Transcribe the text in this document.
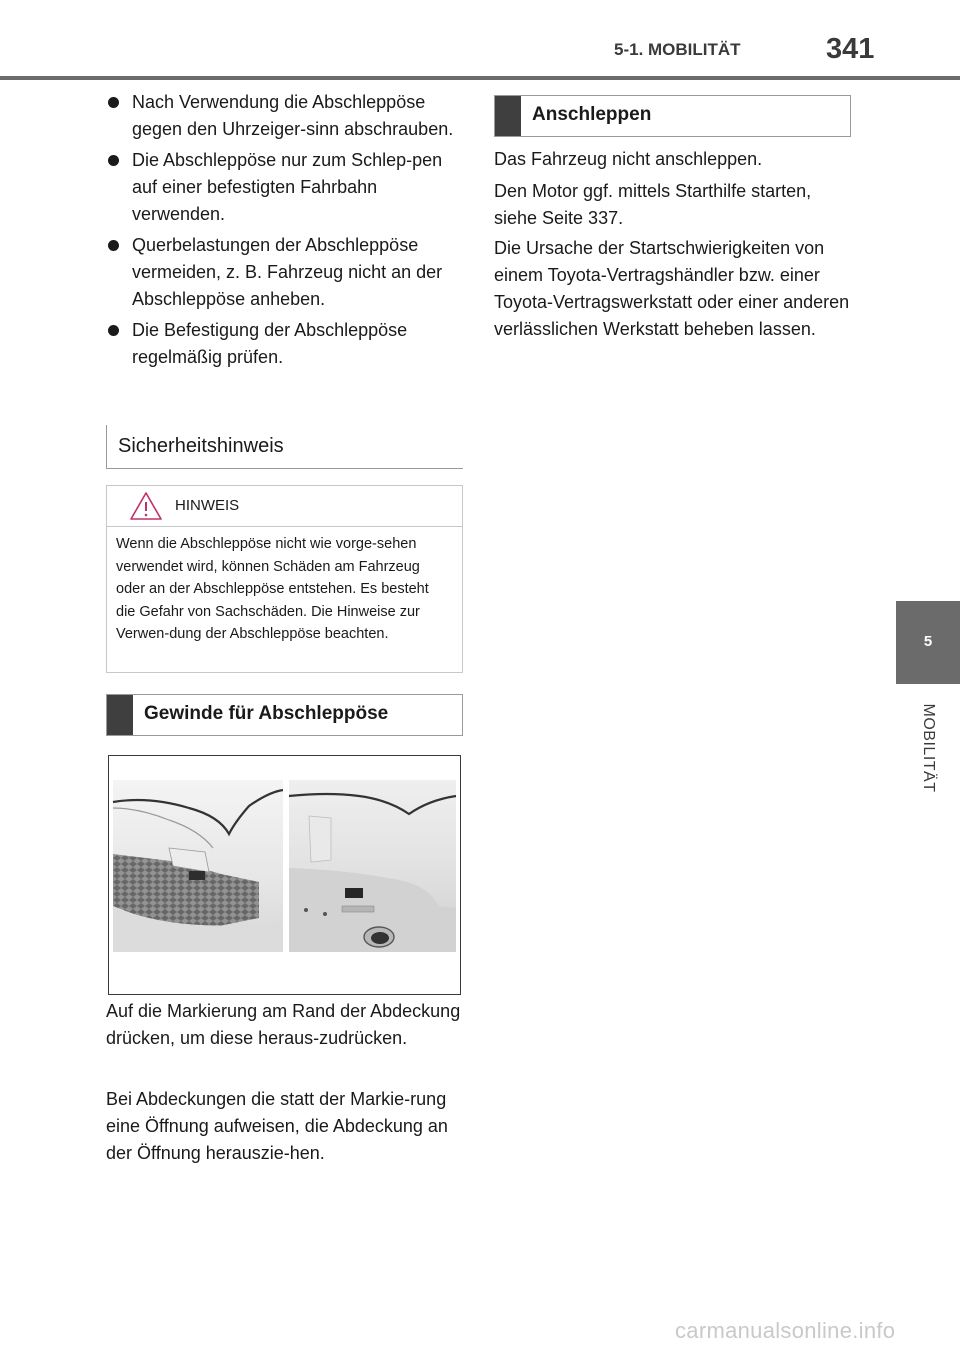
5-1. MOBILITÄT	341
5
MOBILITÄT
Nach Verwendung die Abschleppöse gegen den Uhrzeiger-sinn abschrauben.
Die Abschleppöse nur zum Schlep-pen auf einer befestigten Fahrbahn verwenden.
Querbelastungen der Abschleppöse vermeiden, z. B. Fahrzeug nicht an der Abschleppöse anheben.
Die Befestigung der Abschleppöse regelmäßig prüfen.
Sicherheitshinweis
HINWEIS
Wenn die Abschleppöse nicht wie vorge-sehen verwendet wird, können Schäden am Fahrzeug oder an der Abschleppöse entstehen. Es besteht die Gefahr von Sachschäden. Die Hinweise zur Verwen-dung der Abschleppöse beachten.
Gewinde für Abschleppöse

Auf die Markierung am Rand der Abdeckung drücken, um diese heraus-zudrücken.

Bei Abdeckungen die statt der Markie-rung eine Öffnung aufweisen, die Abdeckung an der Öffnung herauszie-hen.

Anschleppen

Das Fahrzeug nicht anschleppen.

Den Motor ggf. mittels Starthilfe starten, siehe Seite 337.

Die Ursache der Startschwierigkeiten von einem Toyota-Vertragshändler bzw. einer Toyota-Vertragswerkstatt oder einer anderen verlässlichen Werkstatt beheben lassen.

carmanualsonline.info
